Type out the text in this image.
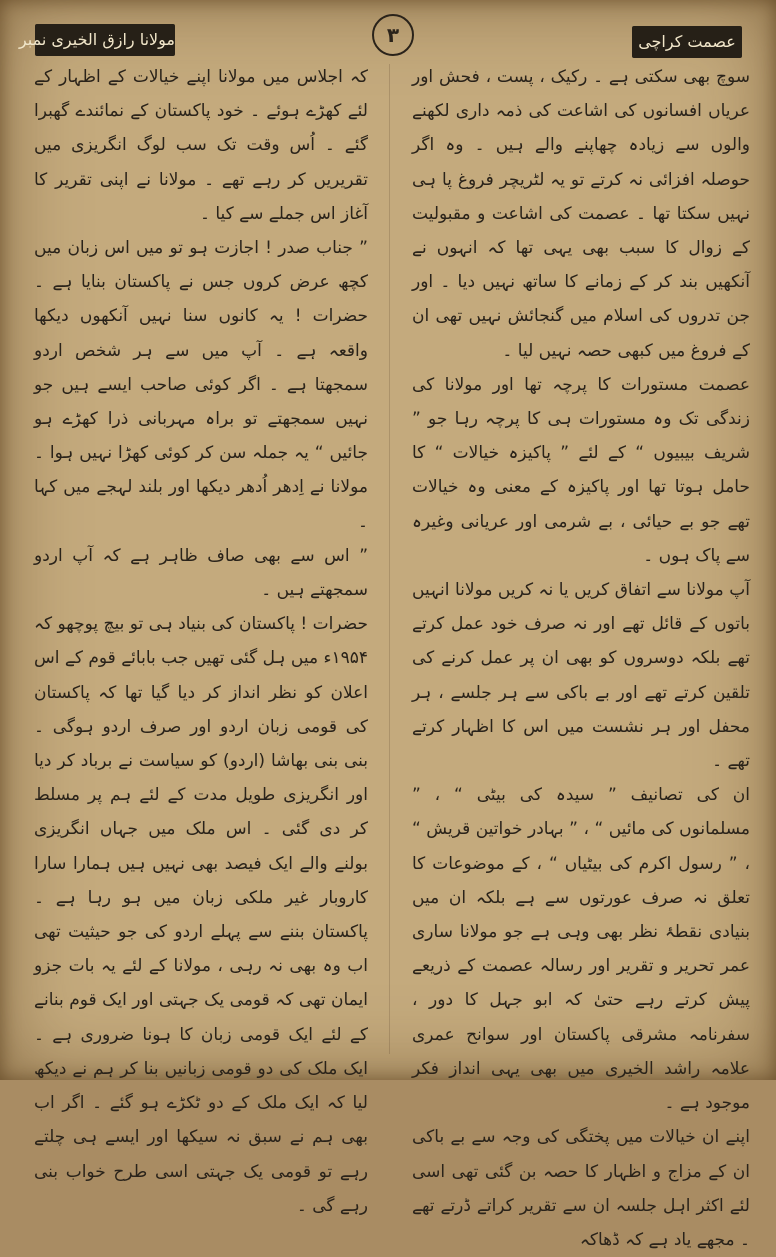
مولانا رازق الخیری نمبر	۳	عصمت کراچی

سوچ بھی سکتی ہے ۔ رکیک ، پست ، فحش اور عریاں افسانوں کی اشاعت کی ذمہ داری لکھنے والوں سے زیادہ چھاپنے والے ہیں ۔ وہ اگر حوصلہ افزائی نہ کرتے تو یہ لٹریچر فروغ پا ہی نہیں سکتا تھا ۔ عصمت کی اشاعت و مقبولیت کے زوال کا سبب بھی یہی تھا کہ انہوں نے آنکھیں بند کر کے زمانے کا ساتھ نہیں دیا ۔ اور جن تدروں کی اسلام میں گنجائش نہیں تھی ان کے فروغ میں کبھی حصہ نہیں لیا ۔

عصمت مستورات کا پرچہ تھا اور مولانا کی زندگی تک وہ مستورات ہی کا پرچہ رہا جو ” شریف بیبیوں “ کے لئے ” پاکیزہ خیالات “ کا حامل ہوتا تھا اور پاکیزہ کے معنی وہ خیالات تھے جو بے حیائی ، بے شرمی اور عریانی وغیرہ سے پاک ہوں ۔

آپ مولانا سے اتفاق کریں یا نہ کریں مولانا انہیں باتوں کے قائل تھے اور نہ صرف خود عمل کرتے تھے بلکہ دوسروں کو بھی ان پر عمل کرنے کی تلقین کرتے تھے اور بے باکی سے ہر جلسے ، ہر محفل اور ہر نشست میں اس کا اظہار کرتے تھے ۔

ان کی تصانیف ” سیدہ کی بیٹی “ ، ” مسلمانوں کی مائیں “ ، ” بہادر خواتین قریش “ ، ” رسول اکرم کی بیٹیاں “ ، کے موضوعات کا تعلق نہ صرف عورتوں سے ہے بلکہ ان میں بنیادی نقطۂ نظر بھی وہی ہے جو مولانا ساری عمر تحریر و تقریر اور رسالہ عصمت کے ذریعے پیش کرتے رہے حتیٰ کہ ابو جہل کا دور ، سفرنامہ مشرقی پاکستان اور سوانح عمری علامہ راشد الخیری میں بھی یہی انداز فکر موجود ہے ۔

اپنے ان خیالات میں پختگی کی وجہ سے بے باکی ان کے مزاج و اظہار کا حصہ بن گئی تھی اسی لئے اکثر اہل جلسہ ان سے تقریر کراتے ڈرتے تھے ۔ مجھے یاد ہے کہ ڈھاکہ

کہ اجلاس میں مولانا اپنے خیالات کے اظہار کے لئے کھڑے ہوئے ۔ خود پاکستان کے نمائندے گھبرا گئے ۔ اُس وقت تک سب لوگ انگریزی میں تقریریں کر رہے تھے ۔ مولانا نے اپنی تقریر کا آغاز اس جملے سے کیا ۔

” جناب صدر ! اجازت ہو تو میں اس زبان میں کچھ عرض کروں جس نے پاکستان بنایا ہے ۔ حضرات ! یہ کانوں سنا نہیں آنکھوں دیکھا واقعہ ہے ۔ آپ میں سے ہر شخص اردو سمجھتا ہے ۔ اگر کوئی صاحب ایسے ہیں جو نہیں سمجھتے تو براہ مہربانی ذرا کھڑے ہو جائیں “ یہ جملہ سن کر کوئی کھڑا نہیں ہوا ۔ مولانا نے اِدھر اُدھر دیکھا اور بلند لہجے میں کہا ۔

” اس سے بھی صاف ظاہر ہے کہ آپ اردو سمجھتے ہیں ۔

حضرات ! پاکستان کی بنیاد ہی تو بیچ پوچھو کہ ۱۹۵۴ء میں ہل گئی تھیں جب بابائے قوم کے اس اعلان کو نظر انداز کر دیا گیا تھا کہ پاکستان کی قومی زبان اردو اور صرف اردو ہوگی ۔ بنی بنی بھاشا (اردو) کو سیاست نے برباد کر دیا اور انگریزی طویل مدت کے لئے ہم پر مسلط کر دی گئی ۔ اس ملک میں جہاں انگریزی بولنے والے ایک فیصد بھی نہیں ہیں ہمارا سارا کاروبار غیر ملکی زبان میں ہو رہا ہے ۔ پاکستان بننے سے پہلے اردو کی جو حیثیت تھی اب وہ بھی نہ رہی ، مولانا کے لئے یہ بات جزو ایمان تھی کہ قومی یک جہتی اور ایک قوم بنانے کے لئے ایک قومی زبان کا ہونا ضروری ہے ۔ ایک ملک کی دو قومی زبانیں بنا کر ہم نے دیکھ لیا کہ ایک ملک کے دو ٹکڑے ہو گئے ۔ اگر اب بھی ہم نے سبق نہ سیکھا اور ایسے ہی چلتے رہے تو قومی یک جہتی اسی طرح خواب بنی رہے گی ۔
